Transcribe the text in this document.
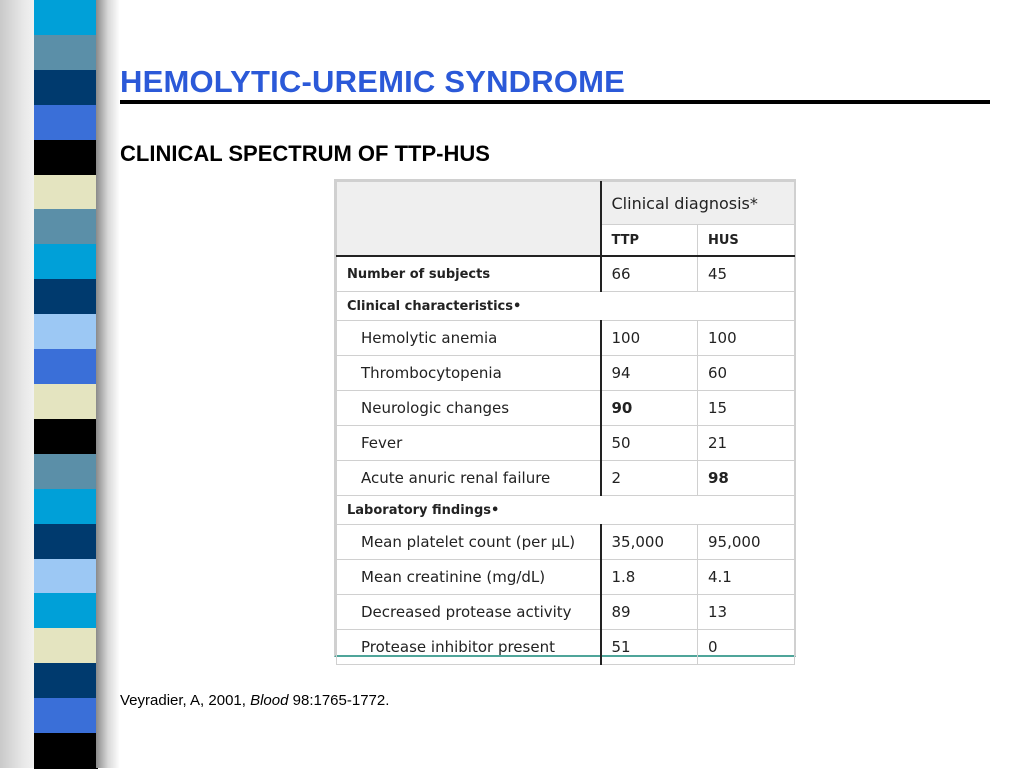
HEMOLYTIC-UREMIC SYNDROME
CLINICAL SPECTRUM OF TTP-HUS
	Clinical diagnosis*	
	TTP	HUS
Number of subjects	66	45
Clinical characteristics•		
Hemolytic anemia	100	100
Thrombocytopenia	94	60
Neurologic changes	90	15
Fever	50	21
Acute anuric renal failure	2	98
Laboratory findings•		
Mean platelet count (per µL)	35,000	95,000
Mean creatinine (mg/dL)	1.8	4.1
Decreased protease activity	89	13
Protease inhibitor present	51	0
Veyradier, A, 2001, Blood 98:1765-1772.
